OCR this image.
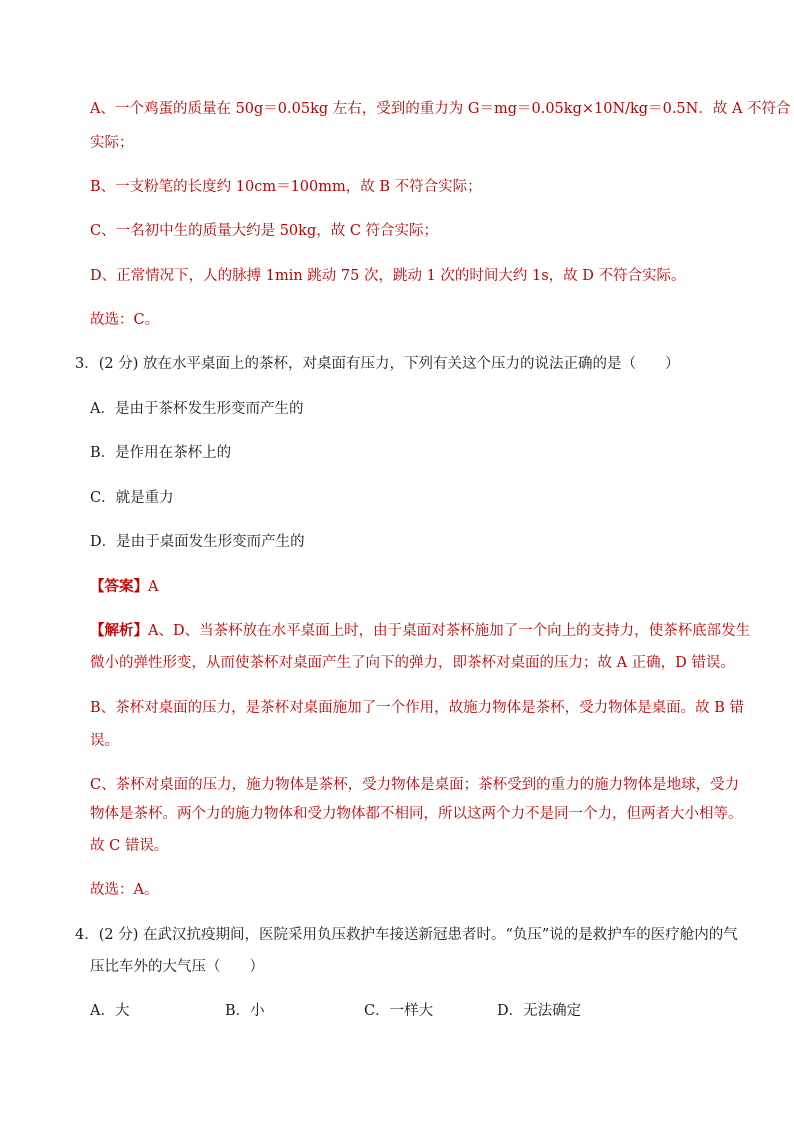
A、一个鸡蛋的质量在 50g＝0.05kg 左右，受到的重力为 G＝mg＝0.05kg×10N/kg＝0.5N．故 A 不符合
实际；
B、一支粉笔的长度约 10cm＝100mm，故 B 不符合实际；
C、一名初中生的质量大约是 50kg，故 C 符合实际；
D、正常情况下，人的脉搏 1min 跳动 75 次，跳动 1 次的时间大约 1s，故 D 不符合实际。
故选：C。
3．(2 分) 放在水平桌面上的茶杯，对桌面有压力，下列有关这个压力的说法正确的是（　　）
A．是由于茶杯发生形变而产生的
B．是作用在茶杯上的
C．就是重力
D．是由于桌面发生形变而产生的
【答案】A
【解析】A、D、当茶杯放在水平桌面上时，由于桌面对茶杯施加了一个向上的支持力，使茶杯底部发生
微小的弹性形变，从而使茶杯对桌面产生了向下的弹力，即茶杯对桌面的压力；故 A 正确，D 错误。
B、茶杯对桌面的压力，是茶杯对桌面施加了一个作用，故施力物体是茶杯，受力物体是桌面。故 B 错
误。
C、茶杯对桌面的压力，施力物体是茶杯，受力物体是桌面；茶杯受到的重力的施力物体是地球，受力
物体是茶杯。两个力的施力物体和受力物体都不相同，所以这两个力不是同一个力，但两者大小相等。
故 C 错误。
故选：A。
4．(2 分) 在武汉抗疫期间，医院采用负压救护车接送新冠患者时。“负压”说的是救护车的医疗舱内的气
压比车外的大气压（　　）
A．大	B．小	C．一样大	D．无法确定
